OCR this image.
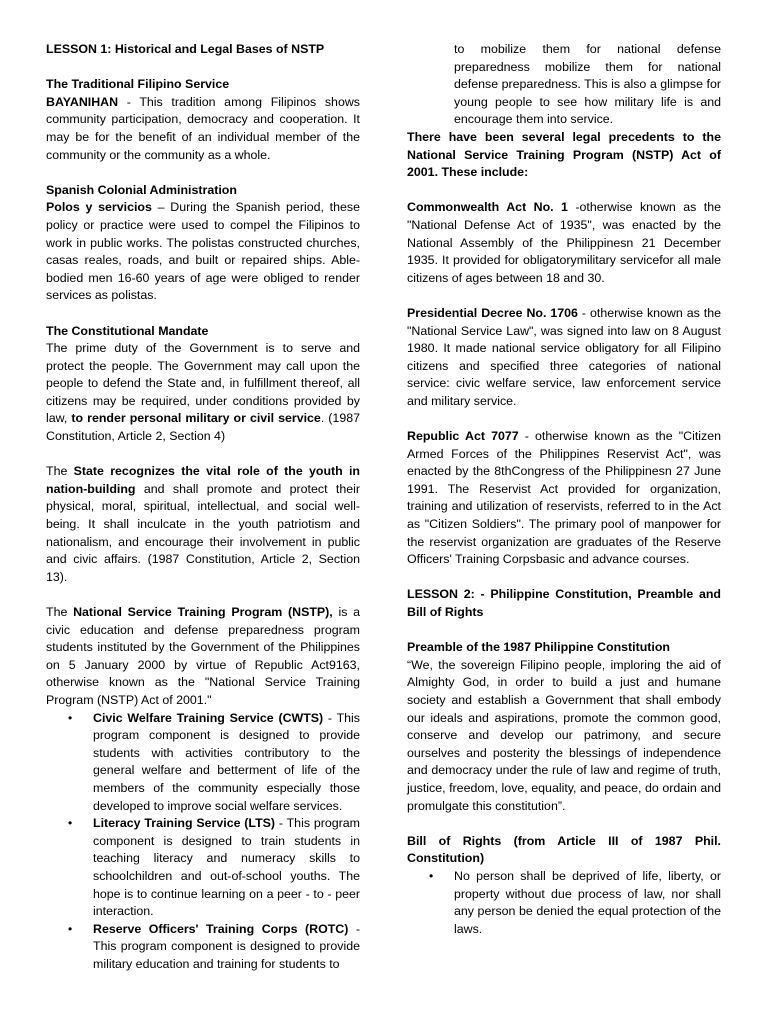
LESSON 1: Historical and Legal Bases of NSTP

The Traditional Filipino Service

BAYANIHAN - This tradition among Filipinos shows community participation, democracy and cooperation. It may be for the benefit of an individual member of the community or the community as a whole.

Spanish Colonial Administration

Polos y servicios – During the Spanish period, these policy or practice were used to compel the Filipinos to work in public works. The polistas constructed churches, casas reales, roads, and built or repaired ships. Able-bodied men 16-60 years of age were obliged to render services as polistas.

The Constitutional Mandate

The prime duty of the Government is to serve and protect the people. The Government may call upon the people to defend the State and, in fulfillment thereof, all citizens may be required, under conditions provided by law, to render personal military or civil service. (1987 Constitution, Article 2, Section 4)

The State recognizes the vital role of the youth in nation-building and shall promote and protect their physical, moral, spiritual, intellectual, and social well-being. It shall inculcate in the youth patriotism and nationalism, and encourage their involvement in public and civic affairs. (1987 Constitution, Article 2, Section 13).

The National Service Training Program (NSTP), is a civic education and defense preparedness program students instituted by the Government of the Philippines on 5 January 2000 by virtue of Republic Act9163, otherwise known as the "National Service Training Program (NSTP) Act of 2001."

• Civic Welfare Training Service (CWTS) - This program component is designed to provide students with activities contributory to the general welfare and betterment of life of the members of the community especially those developed to improve social welfare services.
• Literacy Training Service (LTS) - This program component is designed to train students in teaching literacy and numeracy skills to schoolchildren and out-of-school youths. The hope is to continue learning on a peer - to - peer interaction.
• Reserve Officers' Training Corps (ROTC) - This program component is designed to provide military education and training for students to

to mobilize them for national defense preparedness mobilize them for national defense preparedness. This is also a glimpse for young people to see how military life is and encourage them into service.

There have been several legal precedents to the National Service Training Program (NSTP) Act of 2001. These include:

Commonwealth Act No. 1 -otherwise known as the "National Defense Act of 1935", was enacted by the National Assembly of the Philippinesn 21 December 1935. It provided for obligatorymilitary servicefor all male citizens of ages between 18 and 30.

Presidential Decree No. 1706 - otherwise known as the "National Service Law", was signed into law on 8 August 1980. It made national service obligatory for all Filipino citizens and specified three categories of national service: civic welfare service, law enforcement service and military service.

Republic Act 7077 - otherwise known as the "Citizen Armed Forces of the Philippines Reservist Act", was enacted by the 8thCongress of the Philippinesn 27 June 1991. The Reservist Act provided for organization, training and utilization of reservists, referred to in the Act as "Citizen Soldiers". The primary pool of manpower for the reservist organization are graduates of the Reserve Officers' Training Corpsbasic and advance courses.

LESSON 2: - Philippine Constitution, Preamble and Bill of Rights

Preamble of the 1987 Philippine Constitution

“We, the sovereign Filipino people, imploring the aid of Almighty God, in order to build a just and humane society and establish a Government that shall embody our ideals and aspirations, promote the common good, conserve and develop our patrimony, and secure ourselves and posterity the blessings of independence and democracy under the rule of law and regime of truth, justice, freedom, love, equality, and peace, do ordain and promulgate this constitution”.

Bill of Rights (from Article III of 1987 Phil. Constitution)

• No person shall be deprived of life, liberty, or property without due process of law, nor shall any person be denied the equal protection of the laws.
